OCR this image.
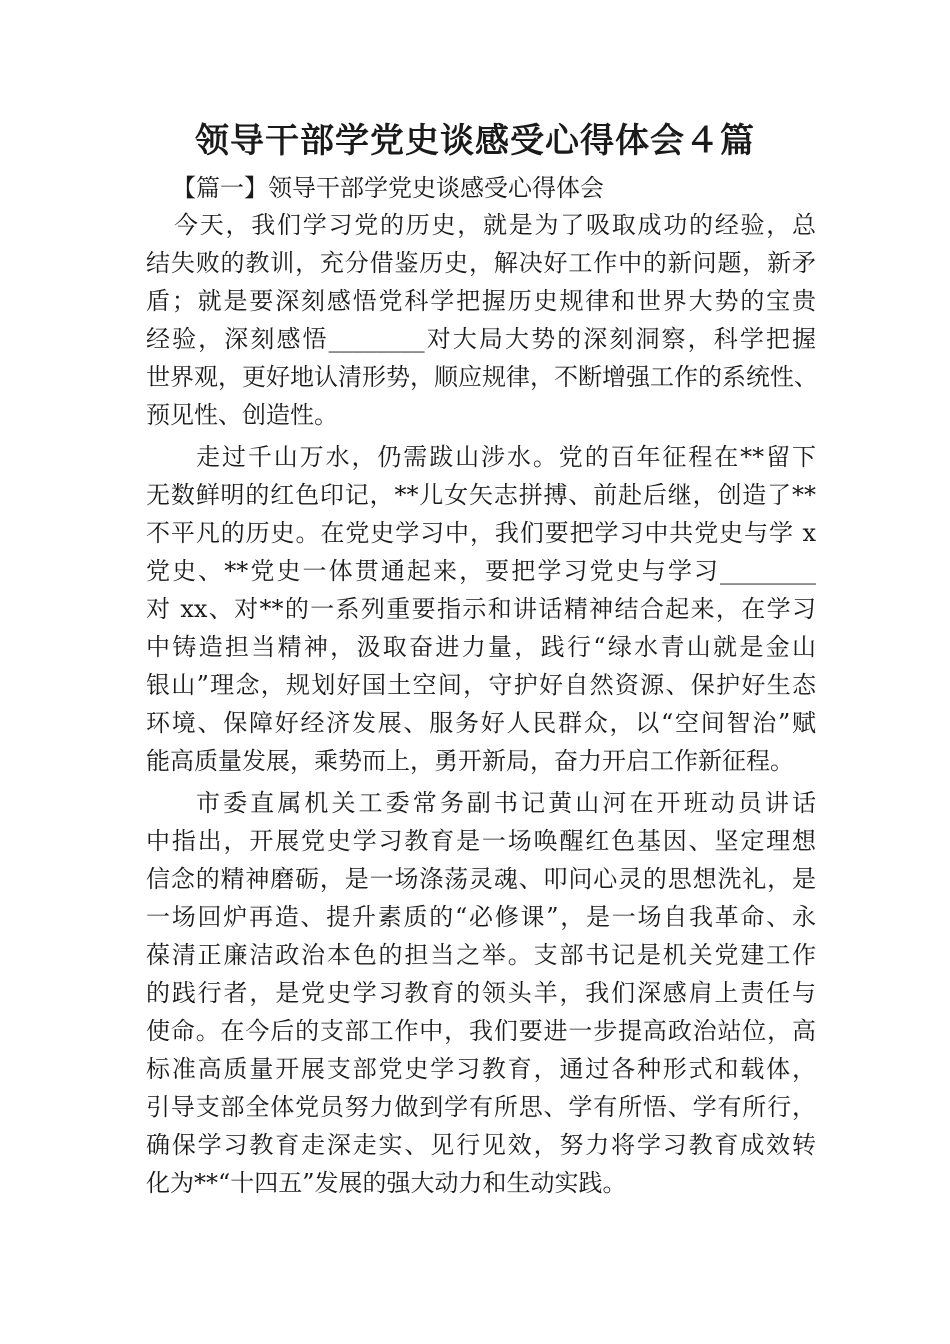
领导干部学党史谈感受心得体会４篇

【篇一】领导干部学党史谈感受心得体会

今天，我们学习党的历史，就是为了吸取成功的经验，总
结失败的教训，充分借鉴历史，解决好工作中的新问题，新矛
盾；就是要深刻感悟党科学把握历史规律和世界大势的宝贵
经验，深刻感悟________对大局大势的深刻洞察，科学把握
世界观，更好地认清形势，顺应规律，不断增强工作的系统性、
预见性、创造性。
走过千山万水，仍需跋山涉水。党的百年征程在**留下
无数鲜明的红色印记，**儿女矢志拼搏、前赴后继，创造了**
不平凡的历史。在党史学习中，我们要把学习中共党史与学 x
党史、**党史一体贯通起来，要把学习党史与学习________
对 xx、对**的一系列重要指示和讲话精神结合起来，在学习
中铸造担当精神，汲取奋进力量，践行“绿水青山就是金山
银山”理念，规划好国土空间，守护好自然资源、保护好生态
环境、保障好经济发展、服务好人民群众，以“空间智治”赋
能高质量发展，乘势而上，勇开新局，奋力开启工作新征程。
市委直属机关工委常务副书记黄山河在开班动员讲话
中指出，开展党史学习教育是一场唤醒红色基因、坚定理想
信念的精神磨砺，是一场涤荡灵魂、叩问心灵的思想洗礼，是
一场回炉再造、提升素质的“必修课”，是一场自我革命、永
葆清正廉洁政治本色的担当之举。支部书记是机关党建工作
的践行者，是党史学习教育的领头羊，我们深感肩上责任与
使命。在今后的支部工作中，我们要进一步提高政治站位，高
标准高质量开展支部党史学习教育，通过各种形式和载体，
引导支部全体党员努力做到学有所思、学有所悟、学有所行，
确保学习教育走深走实、见行见效，努力将学习教育成效转
化为**“十四五”发展的强大动力和生动实践。
